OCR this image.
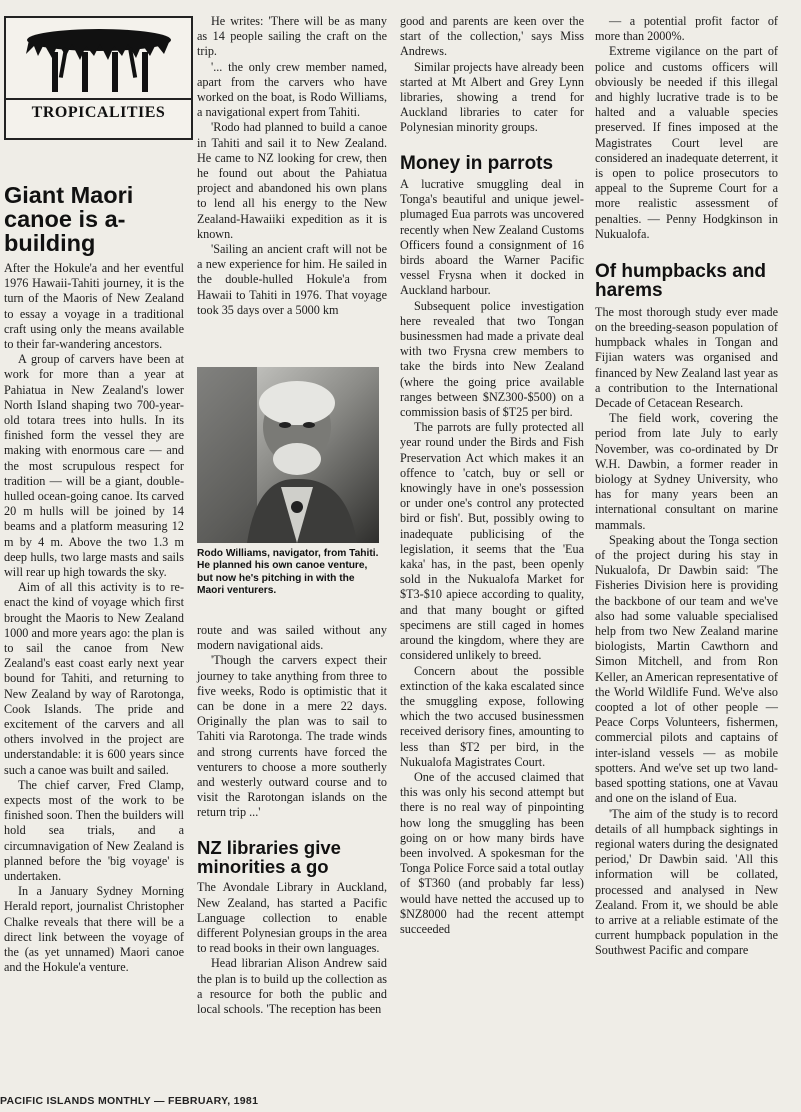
TROPICALITIES
Giant Maori canoe is a-building

After the Hokule'a and her eventful 1976 Hawaii-Tahiti journey, it is the turn of the Maoris of New Zealand to essay a voyage in a traditional craft using only the means available to their far-wandering ancestors.

A group of carvers have been at work for more than a year at Pahiatua in New Zealand's lower North Island shaping two 700-year-old totara trees into hulls. In its finished form the vessel they are making with enormous care — and the most scrupulous respect for tradition — will be a giant, double-hulled ocean-going canoe. Its carved 20 m hulls will be joined by 14 beams and a platform measuring 12 m by 4 m. Above the two 1.3 m deep hulls, two large masts and sails will rear up high towards the sky.

Aim of all this activity is to re-enact the kind of voyage which first brought the Maoris to New Zealand 1000 and more years ago: the plan is to sail the canoe from New Zealand's east coast early next year bound for Tahiti, and returning to New Zealand by way of Rarotonga, Cook Islands. The pride and excitement of the carvers and all others involved in the project are understandable: it is 600 years since such a canoe was built and sailed.

The chief carver, Fred Clamp, expects most of the work to be finished soon. Then the builders will hold sea trials, and a circumnavigation of New Zealand is planned before the 'big voyage' is undertaken.

In a January Sydney Morning Herald report, journalist Christopher Chalke reveals that there will be a direct link between the voyage of the (as yet unnamed) Maori canoe and the Hokule'a venture.

He writes: 'There will be as many as 14 people sailing the craft on the trip.

'... the only crew member named, apart from the carvers who have worked on the boat, is Rodo Williams, a navigational expert from Tahiti.

'Rodo had planned to build a canoe in Tahiti and sail it to New Zealand. He came to NZ looking for crew, then he found out about the Pahiatua project and abandoned his own plans to lend all his energy to the New Zealand-Hawaiiki expedition as it is known.

'Sailing an ancient craft will not be a new experience for him. He sailed in the double-hulled Hokule'a from Hawaii to Tahiti in 1976. That voyage took 35 days over a 5000 km

Rodo Williams, navigator, from Tahiti. He planned his own canoe venture, but now he's pitching in with the Maori venturers.

route and was sailed without any modern navigational aids.

'Though the carvers expect their journey to take anything from three to five weeks, Rodo is optimistic that it can be done in a mere 22 days. Originally the plan was to sail to Tahiti via Rarotonga. The trade winds and strong currents have forced the venturers to choose a more southerly and westerly outward course and to visit the Rarotongan islands on the return trip ...'

NZ libraries give minorities a go

The Avondale Library in Auckland, New Zealand, has started a Pacific Language collection to enable different Polynesian groups in the area to read books in their own languages.

Head librarian Alison Andrew said the plan is to build up the collection as a resource for both the public and local schools. 'The reception has been

good and parents are keen over the start of the collection,' says Miss Andrews.

Similar projects have already been started at Mt Albert and Grey Lynn libraries, showing a trend for Auckland libraries to cater for Polynesian minority groups.

Money in parrots

A lucrative smuggling deal in Tonga's beautiful and unique jewel-plumaged Eua parrots was uncovered recently when New Zealand Customs Officers found a consignment of 16 birds aboard the Warner Pacific vessel Frysna when it docked in Auckland harbour.

Subsequent police investigation here revealed that two Tongan businessmen had made a private deal with two Frysna crew members to take the birds into New Zealand (where the going price available ranges between $NZ300-$500) on a commission basis of $T25 per bird.

The parrots are fully protected all year round under the Birds and Fish Preservation Act which makes it an offence to 'catch, buy or sell or knowingly have in one's possession or under one's control any protected bird or fish'. But, possibly owing to inadequate publicising of the legislation, it seems that the 'Eua kaka' has, in the past, been openly sold in the Nukualofa Market for $T3-$10 apiece according to quality, and that many bought or gifted specimens are still caged in homes around the kingdom, where they are considered unlikely to breed.

Concern about the possible extinction of the kaka escalated since the smuggling expose, following which the two accused businessmen received derisory fines, amounting to less than $T2 per bird, in the Nukualofa Magistrates Court.

One of the accused claimed that this was only his second attempt but there is no real way of pinpointing how long the smuggling has been going on or how many birds have been involved. A spokesman for the Tonga Police Force said a total outlay of $T360 (and probably far less) would have netted the accused up to $NZ8000 had the recent attempt succeeded

— a potential profit factor of more than 2000%.

Extreme vigilance on the part of police and customs officers will obviously be needed if this illegal and highly lucrative trade is to be halted and a valuable species preserved. If fines imposed at the Magistrates Court level are considered an inadequate deterrent, it is open to police prosecutors to appeal to the Supreme Court for a more realistic assessment of penalties. — Penny Hodgkinson in Nukualofa.

Of humpbacks and harems

The most thorough study ever made on the breeding-season population of humpback whales in Tongan and Fijian waters was organised and financed by New Zealand last year as a contribution to the International Decade of Cetacean Research.

The field work, covering the period from late July to early November, was co-ordinated by Dr W.H. Dawbin, a former reader in biology at Sydney University, who has for many years been an international consultant on marine mammals.

Speaking about the Tonga section of the project during his stay in Nukualofa, Dr Dawbin said: 'The Fisheries Division here is providing the backbone of our team and we've also had some valuable specialised help from two New Zealand marine biologists, Martin Cawthorn and Simon Mitchell, and from Ron Keller, an American representative of the World Wildlife Fund. We've also coopted a lot of other people — Peace Corps Volunteers, fishermen, commercial pilots and captains of inter-island vessels — as mobile spotters. And we've set up two land-based spotting stations, one at Vavau and one on the island of Eua.

'The aim of the study is to record details of all humpback sightings in regional waters during the designated period,' Dr Dawbin said. 'All this information will be collated, processed and analysed in New Zealand. From it, we should be able to arrive at a reliable estimate of the current humpback population in the Southwest Pacific and compare

PACIFIC ISLANDS MONTHLY — FEBRUARY, 1981
